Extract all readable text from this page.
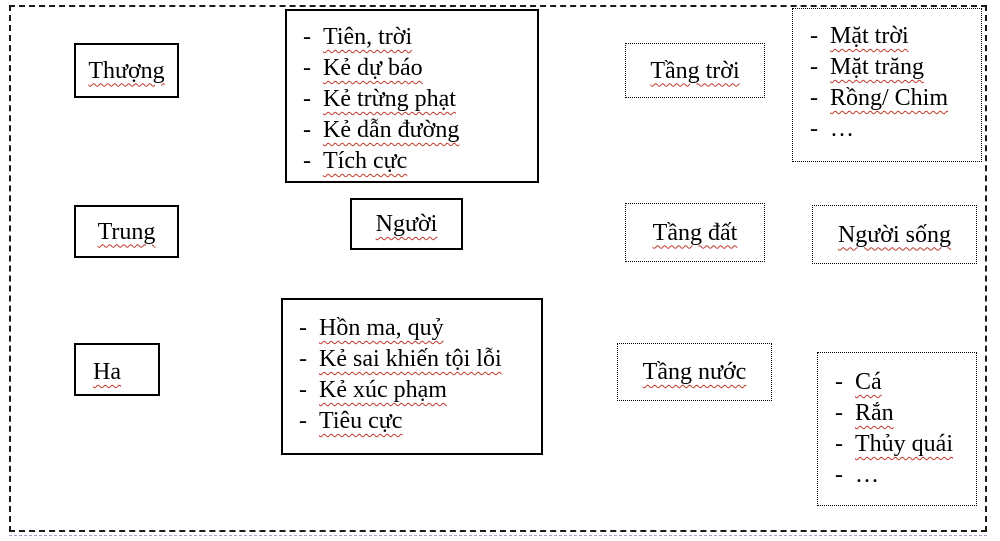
Thượng
Trung
Ha
- Tiên, trời
- Kẻ dự báo
- Kẻ trừng phạt
- Kẻ dẫn đường
- Tích cực
Người
- Hồn ma, quỷ
- Kẻ sai khiến tội lỗi
- Kẻ xúc phạm
- Tiêu cực
Tầng trời
Tầng đất
Tầng nước
- Mặt trời
- Mặt trăng
- Rồng/ Chim
- …
Người sống
- Cá
- Rắn
- Thủy quái
- …
